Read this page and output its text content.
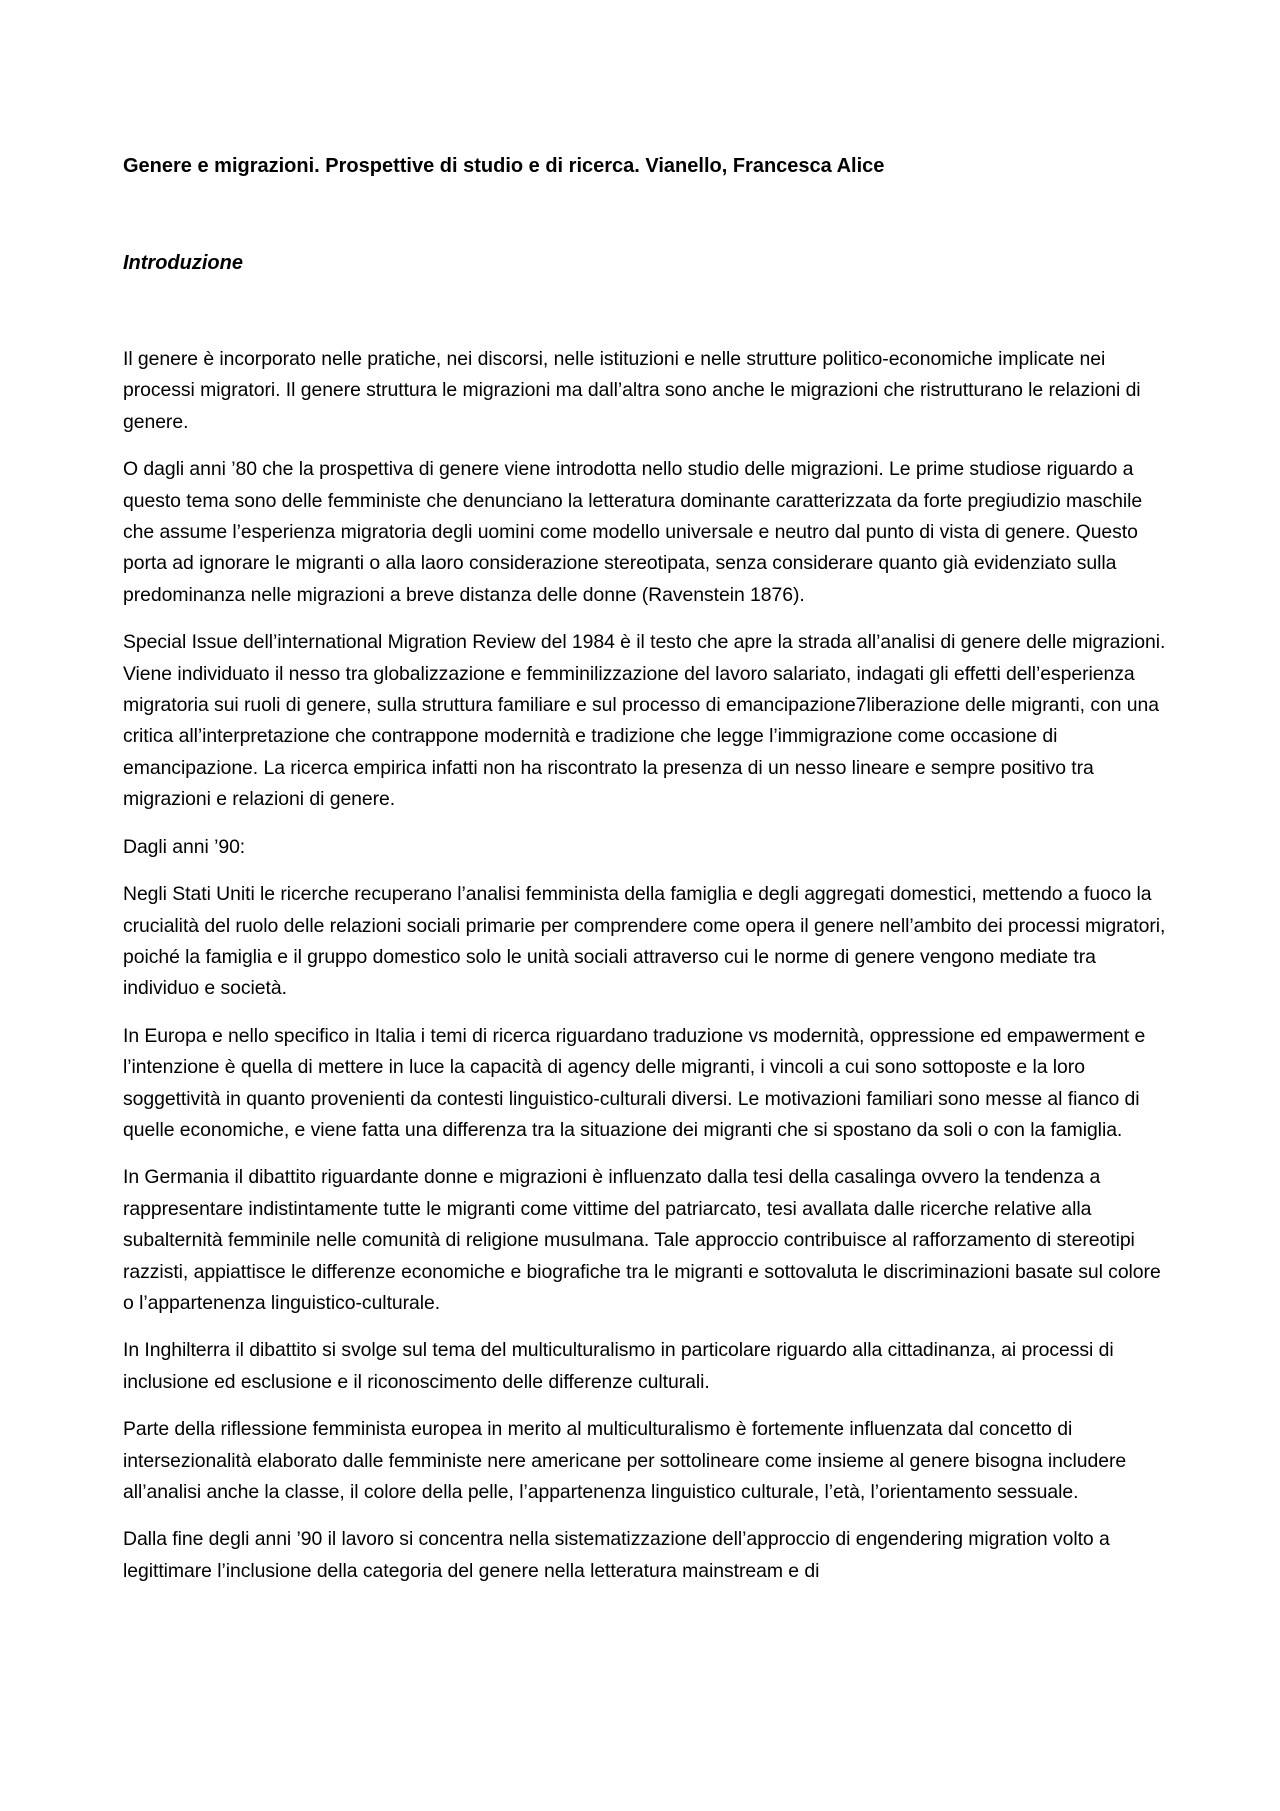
Genere e migrazioni. Prospettive di studio e di ricerca. Vianello, Francesca Alice
Introduzione

Il genere è incorporato nelle pratiche, nei discorsi, nelle istituzioni e nelle strutture politico-economiche implicate nei processi migratori. Il genere struttura le migrazioni ma dall’altra sono anche le migrazioni che ristrutturano le relazioni di genere.

O dagli anni ’80 che la prospettiva di genere viene introdotta nello studio delle migrazioni. Le prime studiose riguardo a questo tema sono delle femministe che denunciano la letteratura dominante caratterizzata da forte pregiudizio maschile che assume l’esperienza migratoria degli uomini come modello universale e neutro dal punto di vista di genere. Questo porta ad ignorare le migranti o alla laoro considerazione stereotipata, senza considerare quanto già evidenziato sulla predominanza nelle migrazioni a breve distanza delle donne (Ravenstein 1876).

Special Issue dell’international Migration Review del 1984 è il testo che apre la strada all’analisi di genere delle migrazioni. Viene individuato il nesso tra globalizzazione e femminilizzazione del lavoro salariato, indagati gli effetti dell’esperienza migratoria sui ruoli di genere, sulla struttura familiare e sul processo di emancipazione7liberazione delle migranti, con una critica all’interpretazione che contrappone modernità e tradizione che legge l’immigrazione come occasione di emancipazione. La ricerca empirica infatti non ha riscontrato la presenza di un nesso lineare e sempre positivo tra migrazioni e relazioni di genere.

Dagli anni ’90:

Negli Stati Uniti le ricerche recuperano l’analisi femminista della famiglia e degli aggregati domestici, mettendo a fuoco la crucialità del ruolo delle relazioni sociali primarie per comprendere come opera il genere nell’ambito dei processi migratori, poiché la famiglia e il gruppo domestico solo le unità sociali attraverso cui le norme di genere vengono mediate tra individuo e società.

In Europa e nello specifico in Italia i temi di ricerca riguardano traduzione vs modernità, oppressione ed empawerment e l’intenzione è quella di mettere in luce la capacità di agency delle migranti, i vincoli a cui sono sottoposte e la loro soggettività in quanto provenienti da contesti linguistico-culturali diversi. Le motivazioni familiari sono messe al fianco di quelle economiche, e viene fatta una differenza tra la situazione dei migranti che si spostano da soli o con la famiglia.

In Germania il dibattito riguardante donne e migrazioni è influenzato dalla tesi della casalinga ovvero la tendenza a rappresentare indistintamente tutte le migranti come vittime del patriarcato, tesi avallata dalle ricerche relative alla subalternità femminile nelle comunità di religione musulmana. Tale approccio contribuisce al rafforzamento di stereotipi razzisti, appiattisce le differenze economiche e biografiche tra le migranti e sottovaluta le discriminazioni basate sul colore o l’appartenenza linguistico-culturale.

In Inghilterra il dibattito si svolge sul tema del multiculturalismo in particolare riguardo alla cittadinanza, ai processi di inclusione ed esclusione e il riconoscimento delle differenze culturali.

Parte della riflessione femminista europea in merito al multiculturalismo è fortemente influenzata dal concetto di intersezionalità elaborato dalle femministe nere americane per sottolineare come insieme al genere bisogna includere all’analisi anche la classe, il colore della pelle, l’appartenenza linguistico culturale, l’età, l’orientamento sessuale.

Dalla fine degli anni ’90 il lavoro si concentra nella sistematizzazione dell’approccio di engendering migration volto a legittimare l’inclusione della categoria del genere nella letteratura mainstream e di
